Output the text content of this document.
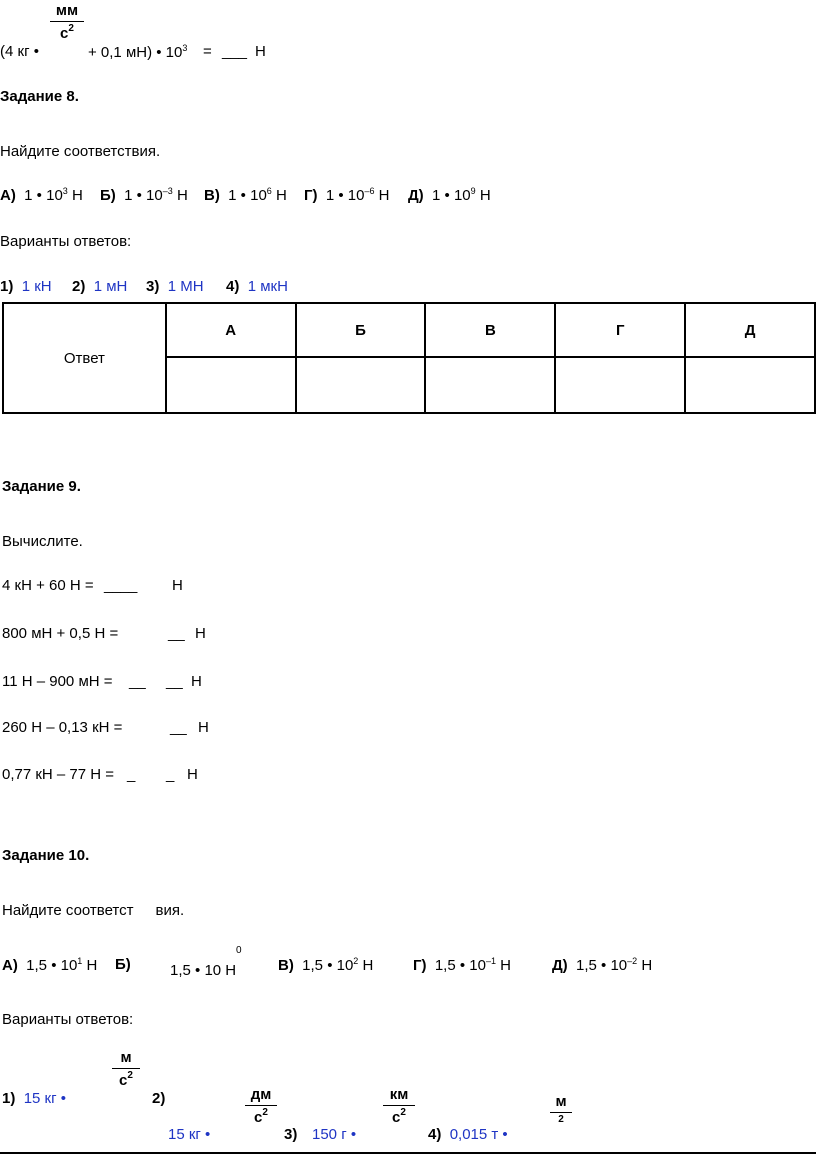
(4 кг •
мм
$с^2$
+ 0,1 мН) • $10^3$ = ___ Н
Задание 8.
Найдите соответствия.
А) 1 • $10^3$ Н Б) 1 • $10^{-3}$ Н В) 1 • $10^6$ Н Г) 1 • $10^{-6}$ Н Д) 1 • $10^9$ Н
Варианты ответов:
1) 1 кН 2) 1 мН 3) 1 МН 4) 1 мкН
Ответ	А	Б	В	Г	Д

Задание 9.
Вычислите.
4 кН + 60 Н = ____ Н
800 мН + 0,5 Н =	__ Н
11 Н – 900 мН = __ __ Н
260 Н – 0,13 кН =	__ Н
0,77 кН – 77 Н = _ _ Н
Задание 10.
Найдите соответст вия.
А) 1,5 • $10^1$ Н Б)
0
1,5 • 10 Н	В) 1,5 • $10^2$ Н	Г) 1,5 • $10^{-1}$ Н	Д) 1,5 • $10^{-2}$ Н
Варианты ответов:
1) 15 кг •
м
$с^2$
2)
15 кг •
дм
$с^2$
3) 150 г •
км
$с^2$
4) 0,015 т •
м
$^2$
